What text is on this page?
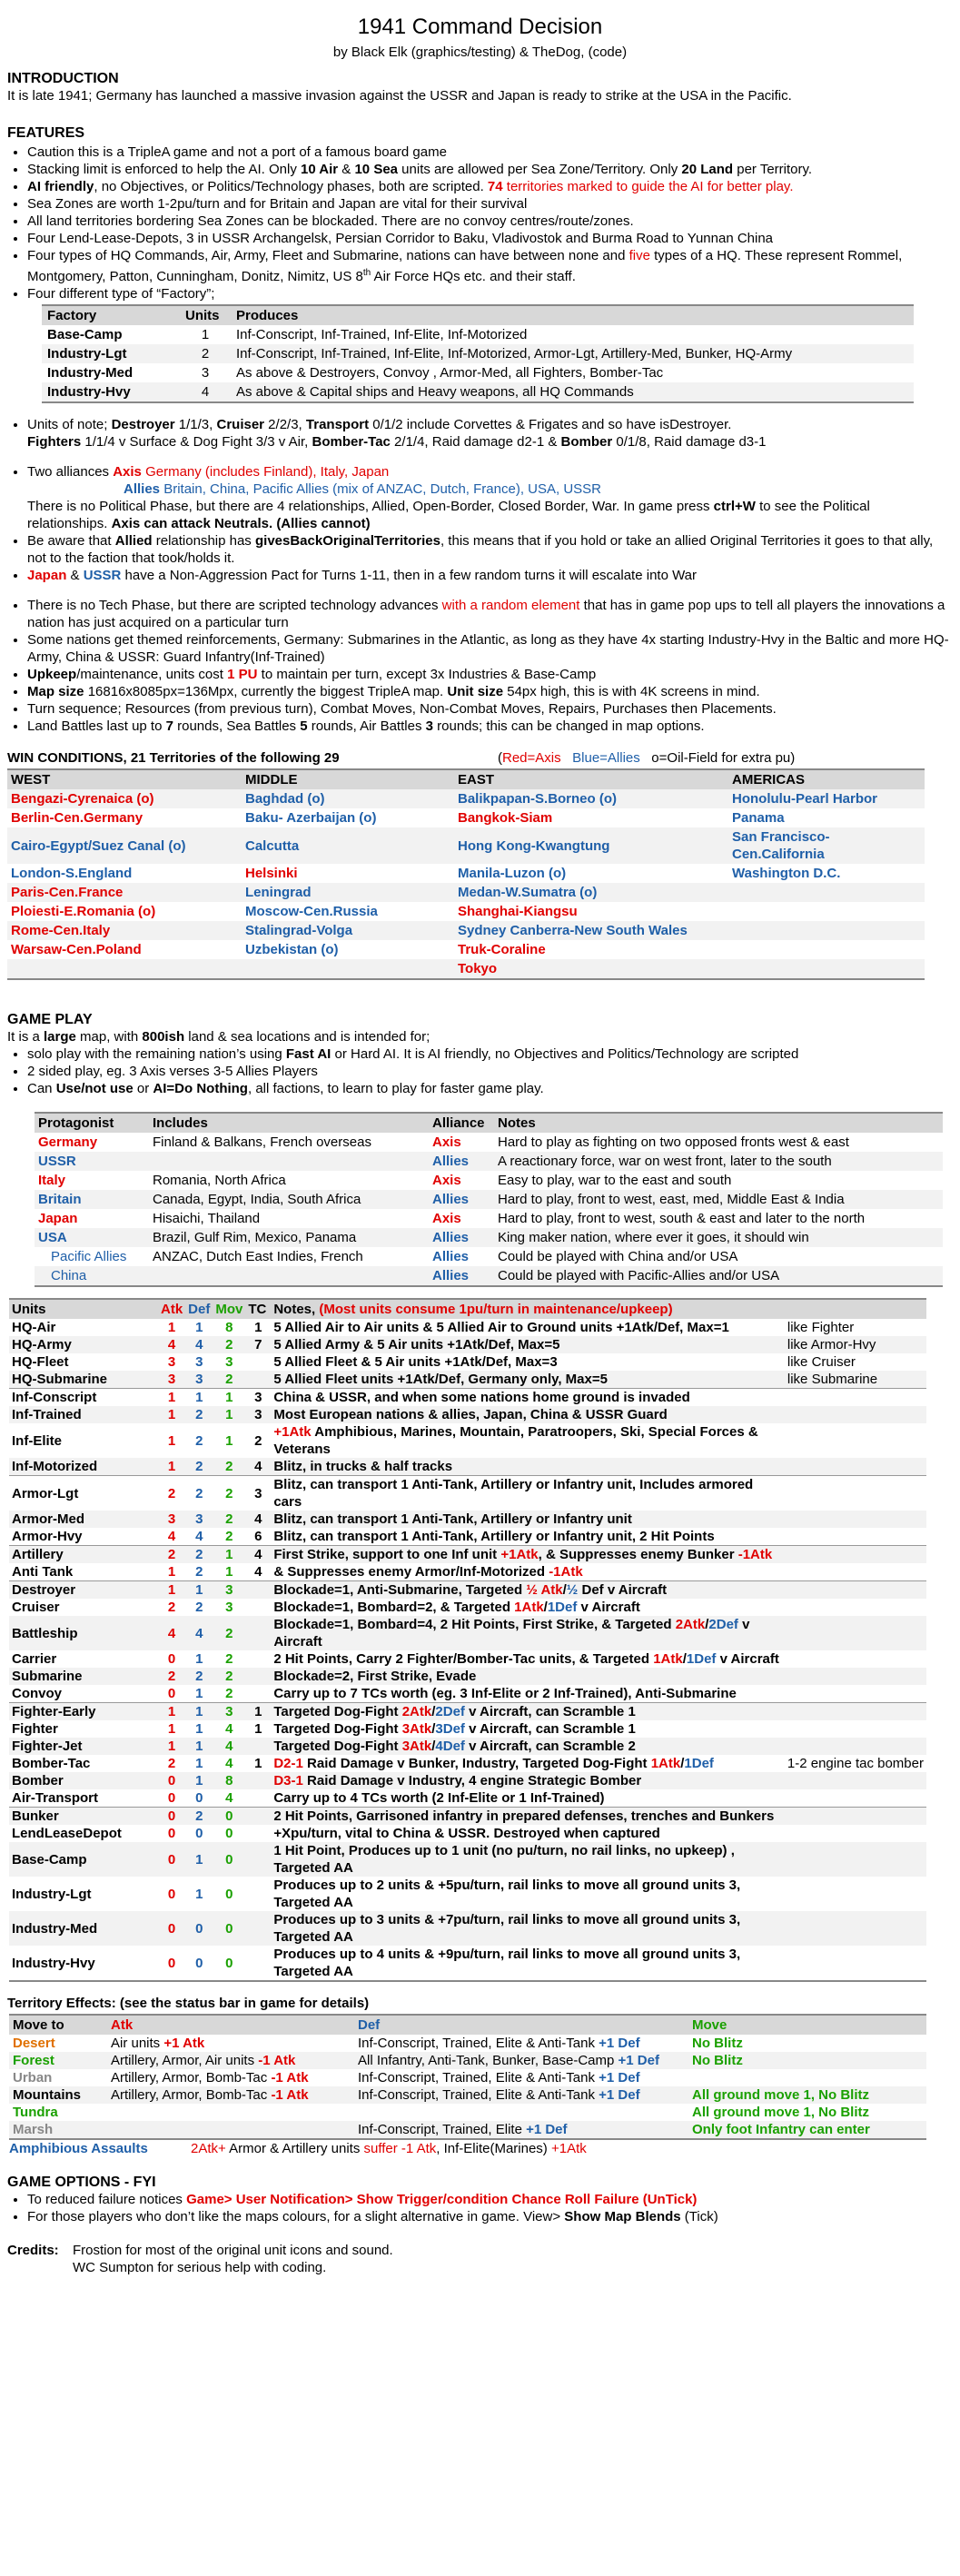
1941 Command Decision
by Black Elk (graphics/testing) & TheDog, (code)
INTRODUCTION

It is late 1941; Germany has launched a massive invasion against the USSR and Japan is ready to strike at the USA in the Pacific.

FEATURES
• Caution this is a TripleA game and not a port of a famous board game
• Stacking limit is enforced to help the AI. Only 10 Air & 10 Sea units are allowed per Sea Zone/Territory. Only 20 Land per Territory.
• AI friendly, no Objectives, or Politics/Technology phases, both are scripted. 74 territories marked to guide the AI for better play.
• Sea Zones are worth 1-2pu/turn and for Britain and Japan are vital for their survival
• All land territories bordering Sea Zones can be blockaded. There are no convoy centres/route/zones.
• Four Lend-Lease-Depots, 3 in USSR Archangelsk, Persian Corridor to Baku, Vladivostok and Burma Road to Yunnan China
• Four types of HQ Commands, Air, Army, Fleet and Submarine, nations can have between none and five types of a HQ. These represent Rommel, Montgomery, Patton, Cunningham, Donitz, Nimitz, US 8th Air Force HQs etc. and their staff.
• Four different type of “Factory”;
Factory	Units	Produces
Base-Camp	1	Inf-Conscript, Inf-Trained, Inf-Elite, Inf-Motorized
Industry-Lgt	2	Inf-Conscript, Inf-Trained, Inf-Elite, Inf-Motorized, Armor-Lgt, Artillery-Med, Bunker, HQ-Army
Industry-Med	3	As above & Destroyers, Convoy , Armor-Med, all Fighters, Bomber-Tac
Industry-Hvy	4	As above & Capital ships and Heavy weapons, all HQ Commands
• Units of note; Destroyer 1/1/3, Cruiser 2/2/3, Transport 0/1/2 include Corvettes & Frigates and so have isDestroyer.
Fighters 1/1/4 v Surface & Dog Fight 3/3 v Air, Bomber-Tac 2/1/4, Raid damage d2-1 & Bomber 0/1/8, Raid damage d3-1
• Two alliances Axis Germany (includes Finland), Italy, Japan
Allies Britain, China, Pacific Allies (mix of ANZAC, Dutch, France), USA, USSR
There is no Political Phase, but there are 4 relationships, Allied, Open-Border, Closed Border, War. In game press ctrl+W to see the Political relationships. Axis can attack Neutrals. (Allies cannot)
• Be aware that Allied relationship has givesBackOriginalTerritories, this means that if you hold or take an allied Original Territories it goes to that ally, not to the faction that took/holds it.
• Japan & USSR have a Non-Aggression Pact for Turns 1-11, then in a few random turns it will escalate into War
• There is no Tech Phase, but there are scripted technology advances with a random element that has in game pop ups to tell all players the innovations a nation has just acquired on a particular turn
• Some nations get themed reinforcements, Germany: Submarines in the Atlantic, as long as they have 4x starting Industry-Hvy in the Baltic and more HQ-Army, China & USSR: Guard Infantry(Inf-Trained)
• Upkeep/maintenance, units cost 1 PU to maintain per turn, except 3x Industries & Base-Camp
• Map size 16816x8085px=136Mpx, currently the biggest TripleA map. Unit size 54px high, this is with 4K screens in mind.
• Turn sequence; Resources (from previous turn), Combat Moves, Non-Combat Moves, Repairs, Purchases then Placements.
• Land Battles last up to 7 rounds, Sea Battles 5 rounds, Air Battles 3 rounds; this can be changed in map options.
WIN CONDITIONS, 21 Territories of the following 29	(Red=Axis Blue=Allies o=Oil-Field for extra pu)
WEST	MIDDLE	EAST	AMERICAS
Bengazi-Cyrenaica (o)	Baghdad (o)	Balikpapan-S.Borneo (o)	Honolulu-Pearl Harbor
Berlin-Cen.Germany	Baku- Azerbaijan (o)	Bangkok-Siam	Panama
Cairo-Egypt/Suez Canal (o)	Calcutta	Hong Kong-Kwangtung	San Francisco-Cen.California
London-S.England	Helsinki	Manila-Luzon (o)	Washington D.C.
Paris-Cen.France	Leningrad	Medan-W.Sumatra (o)	
Ploiesti-E.Romania (o)	Moscow-Cen.Russia	Shanghai-Kiangsu	
Rome-Cen.Italy	Stalingrad-Volga	Sydney Canberra-New South Wales	
Warsaw-Cen.Poland	Uzbekistan (o)	Truk-Coraline	
		Tokyo	
GAME PLAY

It is a large map, with 800ish land & sea locations and is intended for;

• solo play with the remaining nation’s using Fast AI or Hard AI. It is AI friendly, no Objectives and Politics/Technology are scripted
• 2 sided play, eg. 3 Axis verses 3-5 Allies Players
• Can Use/not use or AI=Do Nothing, all factions, to learn to play for faster game play.
Protagonist	Includes	Alliance	Notes
Germany	Finland & Balkans, French overseas	Axis	Hard to play as fighting on two opposed fronts west & east
USSR		Allies	A reactionary force, war on west front, later to the south
Italy	Romania, North Africa	Axis	Easy to play, war to the east and south
Britain	Canada, Egypt, India, South Africa	Allies	Hard to play, front to west, east, med, Middle East & India
Japan	Hisaichi, Thailand	Axis	Hard to play, front to west, south & east and later to the north
USA	Brazil, Gulf Rim, Mexico, Panama	Allies	King maker nation, where ever it goes, it should win
Pacific Allies	ANZAC, Dutch East Indies, French	Allies	Could be played with China and/or USA
China		Allies	Could be played with Pacific-Allies and/or USA
Units	Atk	Def	Mov	TC	Notes, (Most units consume 1pu/turn in maintenance/upkeep)	
HQ-Air	1	1	8	1	5 Allied Air to Air units & 5 Allied Air to Ground units +1Atk/Def, Max=1	like Fighter
HQ-Army	4	4	2	7	5 Allied Army & 5 Air units +1Atk/Def, Max=5	like Armor-Hvy
HQ-Fleet	3	3	3		5 Allied Fleet & 5 Air units +1Atk/Def, Max=3	like Cruiser
HQ-Submarine	3	3	2		5 Allied Fleet units +1Atk/Def, Germany only, Max=5	like Submarine
Inf-Conscript	1	1	1	3	China & USSR, and when some nations home ground is invaded	
Inf-Trained	1	2	1	3	Most European nations & allies, Japan, China & USSR Guard	
Inf-Elite	1	2	1	2	+1Atk Amphibious, Marines, Mountain, Paratroopers, Ski, Special Forces & Veterans	
Inf-Motorized	1	2	2	4	Blitz, in trucks & half tracks	
Armor-Lgt	2	2	2	3	Blitz, can transport 1 Anti-Tank, Artillery or Infantry unit, Includes armored cars	
Armor-Med	3	3	2	4	Blitz, can transport 1 Anti-Tank, Artillery or Infantry unit	
Armor-Hvy	4	4	2	6	Blitz, can transport 1 Anti-Tank, Artillery or Infantry unit, 2 Hit Points	
Artillery	2	2	1	4	First Strike, support to one Inf unit +1Atk, & Suppresses enemy Bunker -1Atk	
Anti Tank	1	2	1	4	& Suppresses enemy Armor/Inf-Motorized -1Atk	
Destroyer	1	1	3		Blockade=1, Anti-Submarine, Targeted ½ Atk/½ Def v Aircraft	
Cruiser	2	2	3		Blockade=1, Bombard=2, & Targeted 1Atk/1Def v Aircraft	
Battleship	4	4	2		Blockade=1, Bombard=4, 2 Hit Points, First Strike, & Targeted 2Atk/2Def v Aircraft	
Carrier	0	1	2		2 Hit Points, Carry 2 Fighter/Bomber-Tac units, & Targeted 1Atk/1Def v Aircraft	
Submarine	2	2	2		Blockade=2, First Strike, Evade	
Convoy	0	1	2		Carry up to 7 TCs worth (eg. 3 Inf-Elite or 2 Inf-Trained), Anti-Submarine	
Fighter-Early	1	1	3	1	Targeted Dog-Fight 2Atk/2Def v Aircraft, can Scramble 1	
Fighter	1	1	4	1	Targeted Dog-Fight 3Atk/3Def v Aircraft, can Scramble 1	
Fighter-Jet	1	1	4		Targeted Dog-Fight 3Atk/4Def v Aircraft, can Scramble 2	
Bomber-Tac	2	1	4	1	D2-1 Raid Damage v Bunker, Industry, Targeted Dog-Fight 1Atk/1Def	1-2 engine tac bomber
Bomber	0	1	8		D3-1 Raid Damage v Industry, 4 engine Strategic Bomber	
Air-Transport	0	0	4		Carry up to 4 TCs worth (2 Inf-Elite or 1 Inf-Trained)	
Bunker	0	2	0		2 Hit Points, Garrisoned infantry in prepared defenses, trenches and Bunkers	
LendLeaseDepot	0	0	0		+Xpu/turn, vital to China & USSR. Destroyed when captured	
Base-Camp	0	1	0		1 Hit Point, Produces up to 1 unit (no pu/turn, no rail links, no upkeep) , Targeted AA	
Industry-Lgt	0	1	0		Produces up to 2 units & +5pu/turn, rail links to move all ground units 3, Targeted AA	
Industry-Med	0	0	0		Produces up to 3 units & +7pu/turn, rail links to move all ground units 3, Targeted AA	
Industry-Hvy	0	0	0		Produces up to 4 units & +9pu/turn, rail links to move all ground units 3, Targeted AA	
Territory Effects: (see the status bar in game for details)
Move to	Atk	Def	Move
Desert	Air units +1 Atk	Inf-Conscript, Trained, Elite & Anti-Tank +1 Def	No Blitz
Forest	Artillery, Armor, Air units -1 Atk	All Infantry, Anti-Tank, Bunker, Base-Camp +1 Def	No Blitz
Urban	Artillery, Armor, Bomb-Tac -1 Atk	Inf-Conscript, Trained, Elite & Anti-Tank +1 Def	
Mountains	Artillery, Armor, Bomb-Tac -1 Atk	Inf-Conscript, Trained, Elite & Anti-Tank +1 Def	All ground move 1, No Blitz
Tundra			All ground move 1, No Blitz
Marsh		Inf-Conscript, Trained, Elite +1 Def	Only foot Infantry can enter
Amphibious Assaults	2Atk+ Armor & Artillery units suffer -1 Atk, Inf-Elite(Marines) +1Atk
GAME OPTIONS - FYI
• To reduced failure notices Game> User Notification> Show Trigger/condition Chance Roll Failure (UnTick)
• For those players who don’t like the maps colours, for a slight alternative in game. View> Show Map Blends (Tick)
Credits:	Frostion for most of the original unit icons and sound.
WC Sumpton for serious help with coding.
